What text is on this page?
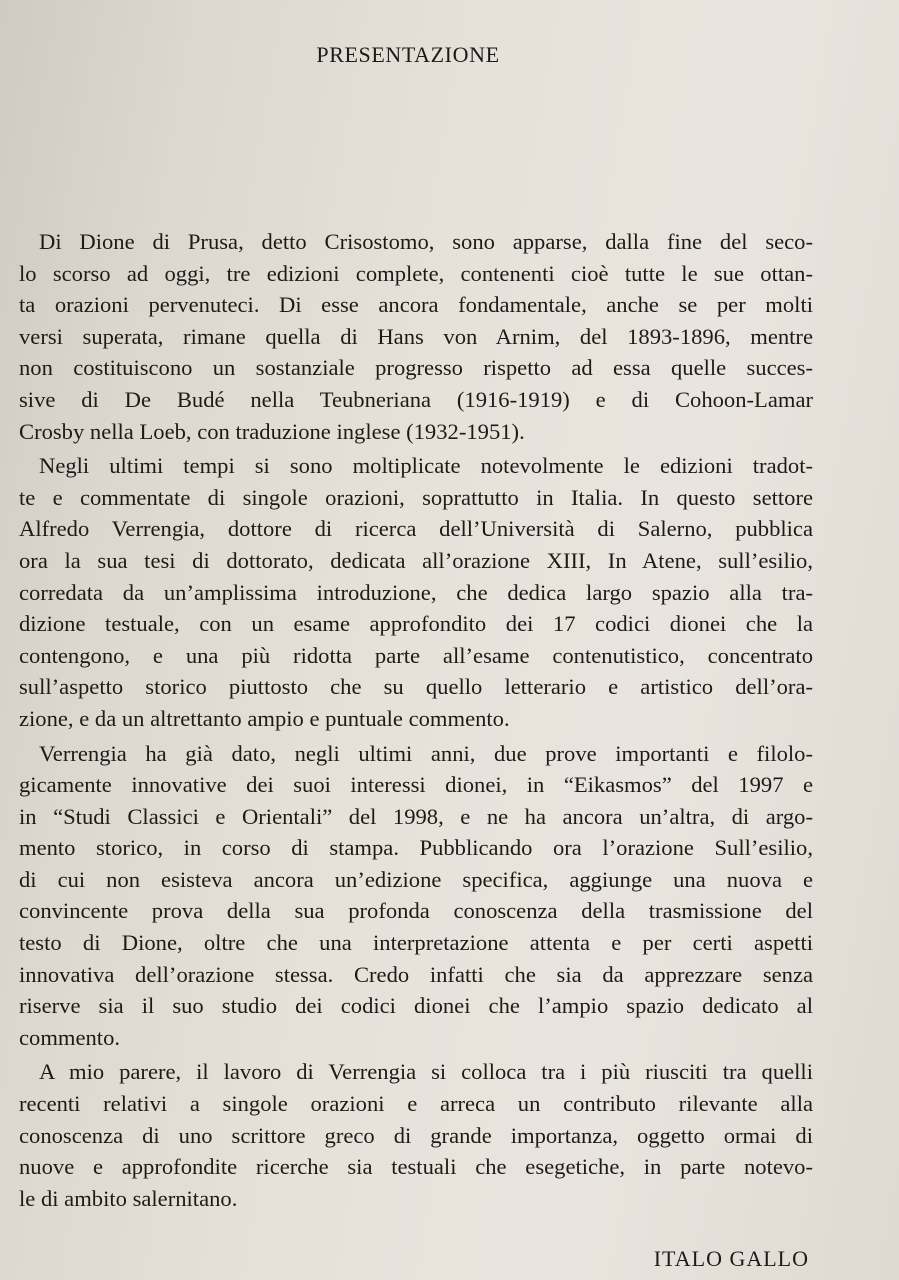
PRESENTAZIONE
Di Dione di Prusa, detto Crisostomo, sono apparse, dalla fine del seco-
lo scorso ad oggi, tre edizioni complete, contenenti cioè tutte le sue ottan-
ta orazioni pervenuteci. Di esse ancora fondamentale, anche se per molti
versi superata, rimane quella di Hans von Arnim, del 1893-1896, mentre
non costituiscono un sostanziale progresso rispetto ad essa quelle succes-
sive di De Budé nella Teubneriana (1916-1919) e di Cohoon-Lamar
Crosby nella Loeb, con traduzione inglese (1932-1951).
Negli ultimi tempi si sono moltiplicate notevolmente le edizioni tradot-
te e commentate di singole orazioni, soprattutto in Italia. In questo settore
Alfredo Verrengia, dottore di ricerca dell’Università di Salerno, pubblica
ora la sua tesi di dottorato, dedicata all’orazione XIII, In Atene, sull’esilio,
corredata da un’amplissima introduzione, che dedica largo spazio alla tra-
dizione testuale, con un esame approfondito dei 17 codici dionei che la
contengono, e una più ridotta parte all’esame contenutistico, concentrato
sull’aspetto storico piuttosto che su quello letterario e artistico dell’ora-
zione, e da un altrettanto ampio e puntuale commento.
Verrengia ha già dato, negli ultimi anni, due prove importanti e filolo-
gicamente innovative dei suoi interessi dionei, in “Eikasmos” del 1997 e
in “Studi Classici e Orientali” del 1998, e ne ha ancora un’altra, di argo-
mento storico, in corso di stampa. Pubblicando ora l’orazione Sull’esilio,
di cui non esisteva ancora un’edizione specifica, aggiunge una nuova e
convincente prova della sua profonda conoscenza della trasmissione del
testo di Dione, oltre che una interpretazione attenta e per certi aspetti
innovativa dell’orazione stessa. Credo infatti che sia da apprezzare senza
riserve sia il suo studio dei codici dionei che l’ampio spazio dedicato al
commento.
A mio parere, il lavoro di Verrengia si colloca tra i più riusciti tra quelli
recenti relativi a singole orazioni e arreca un contributo rilevante alla
conoscenza di uno scrittore greco di grande importanza, oggetto ormai di
nuove e approfondite ricerche sia testuali che esegetiche, in parte notevo-
le di ambito salernitano.
ITALO GALLO
